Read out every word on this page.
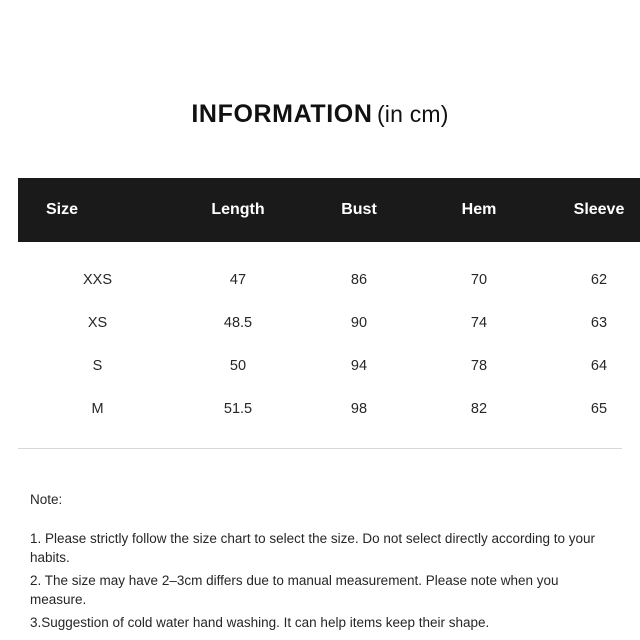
INFORMATION (in cm)
Size	Length	Bust	Hem	Sleeve

XXS	47	86	70	62
XS	48.5	90	74	63
S	50	94	78	64
M	51.5	98	82	65
Note:
1. Please strictly follow the size chart to select the size. Do not select directly according to your habits.
2. The size may have 2–3cm differs due to manual measurement. Please note when you measure.
3.Suggestion of cold water hand washing. It can help items keep their shape.
